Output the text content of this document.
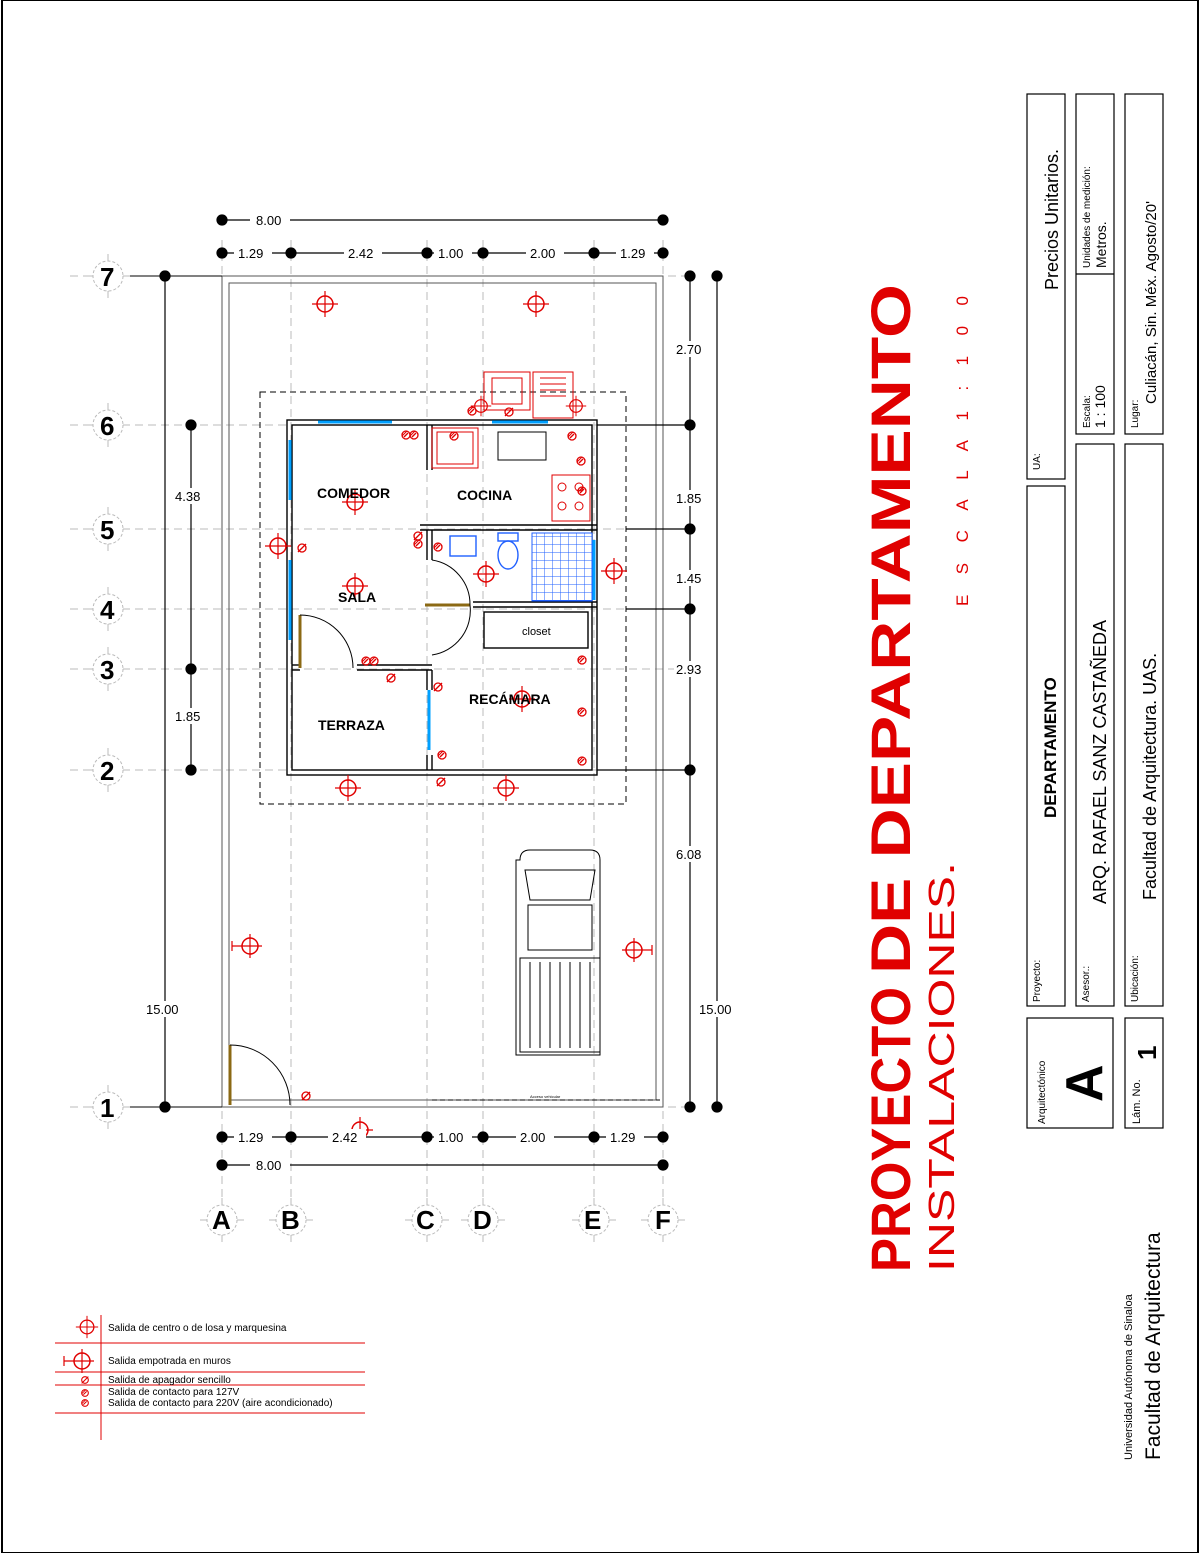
Acceso vehicular
8.00
1.29	2.42	1.00	2.00	1.29
1.29	2.42	1.00	2.00	1.29
8.00
4.38
1.85
15.00
2.70
1.85
1.45
2.93
6.08
15.00
7
6
5
4
3
2
1
A B	C D	E F
COMEDOR	COCINA
SALA
closet
RECÁMARA
TERRAZA
PROYECTO
DE DEPARTAMENTO
INSTALACIONES.
E S C A L A 1 : 1 0 0
Salida de centro o de losa y marquesina
Salida empotrada en muros
Salida de apagador sencillo
Salida de contacto para 127V
Salida de contacto para 220V (aire acondicionado)	Universidad Autónoma de Sinaloa Facultad de Arquitectura
Arquitectónico A Lám. No.
1
Proyecto:
DEPARTAMENTO
Asesor.:
ARQ. RAFAEL SANZ CASTAÑEDA
Ubicación:
Facultad de Arquitectura. UAS.
UA:
Precios Unitarios.
Escala: 1 : 100
Unidades de medición: Metros.
Lugar:
Culiacán, Sin. Méx. Agosto/20'
